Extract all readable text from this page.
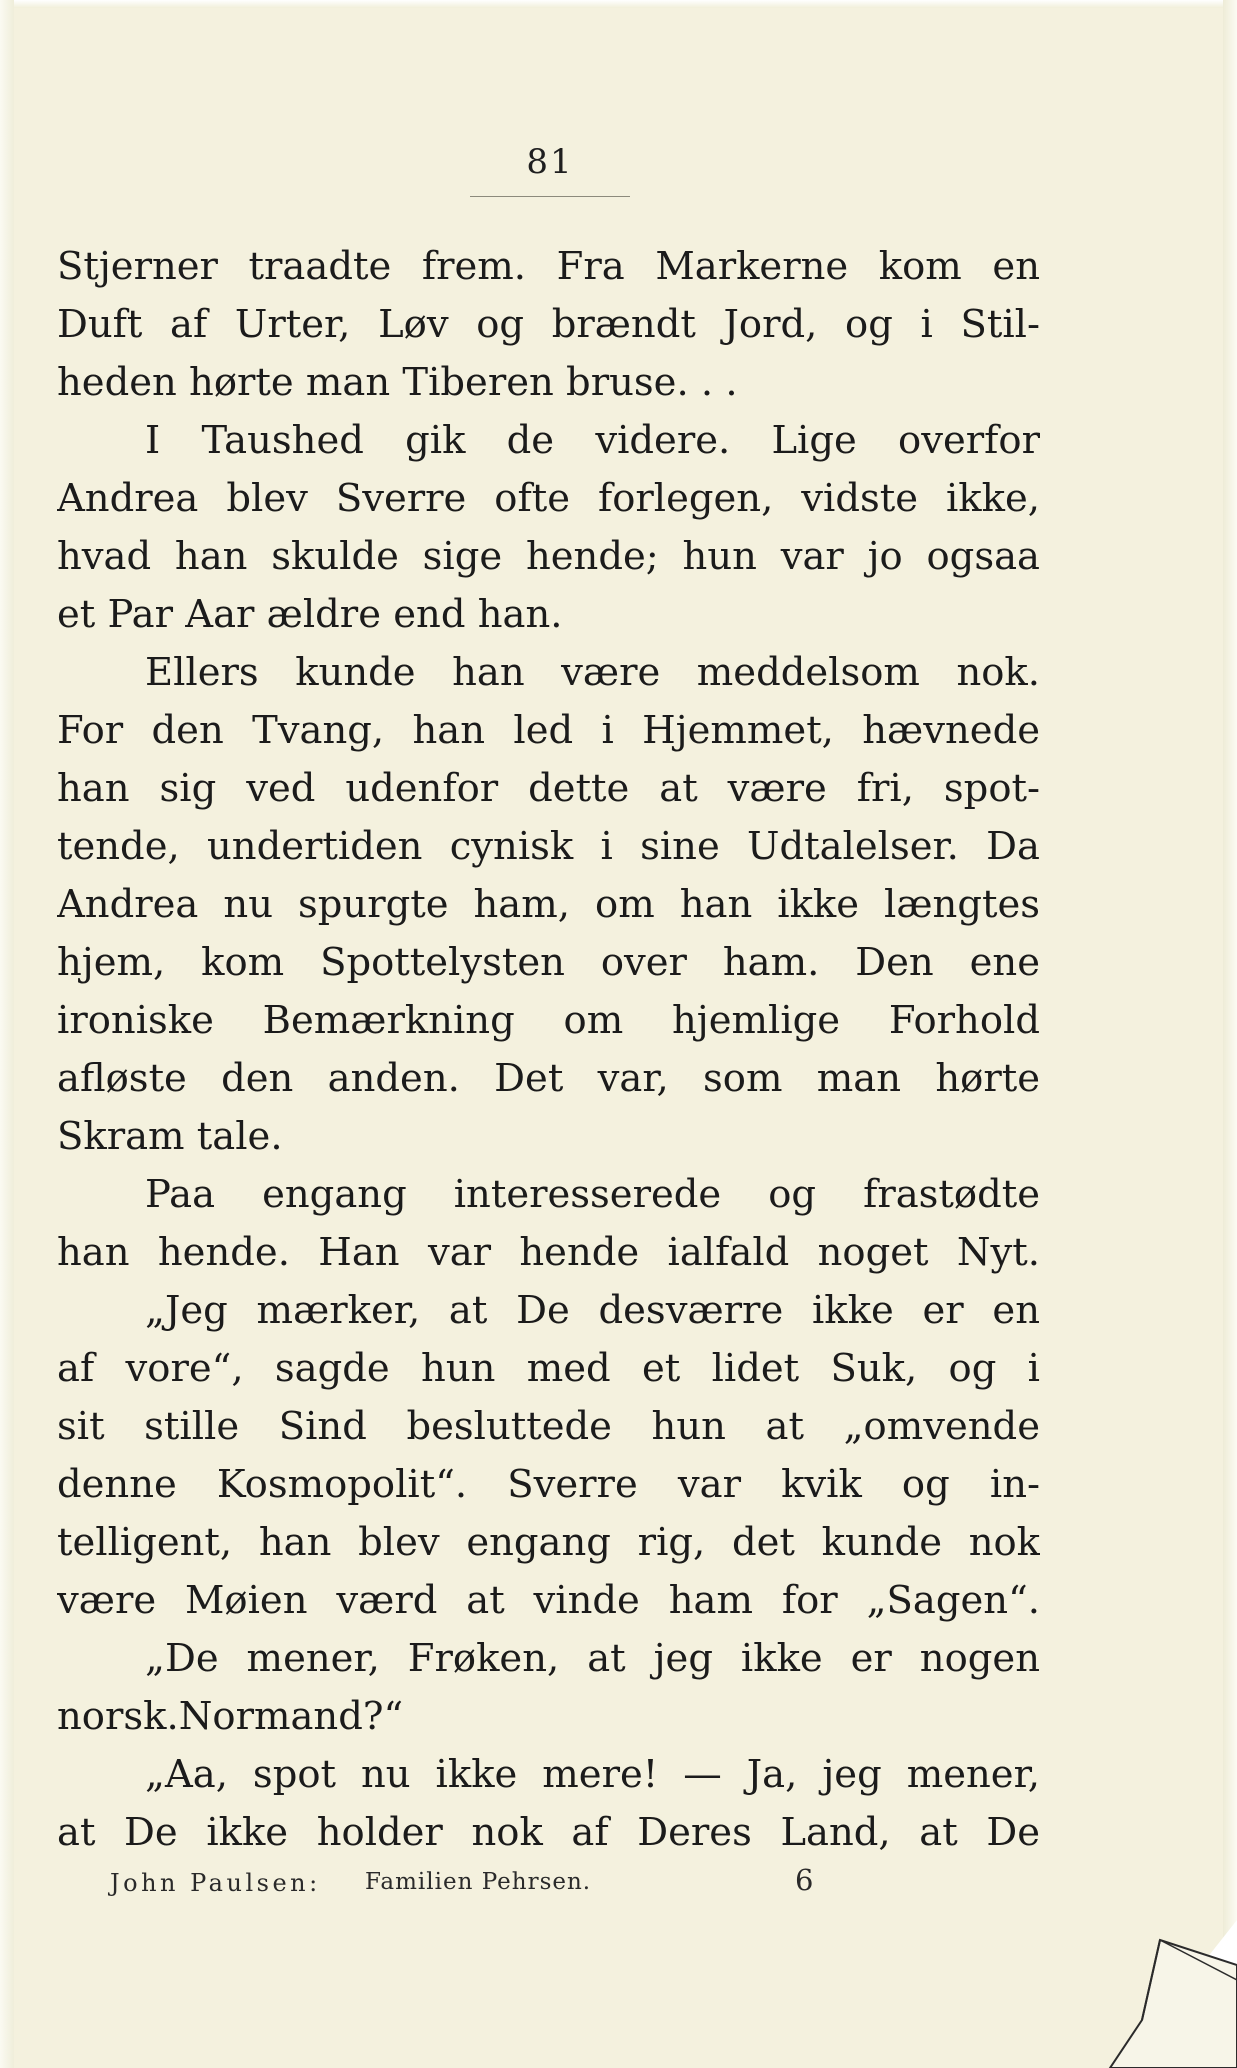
81
Stjerner traadte frem. Fra Markerne kom en
Duft af Urter, Løv og brændt Jord, og i Stil-
heden hørte man Tiberen bruse. . .
I Taushed gik de videre. Lige overfor
Andrea blev Sverre ofte forlegen, vidste ikke,
hvad han skulde sige hende; hun var jo ogsaa
et Par Aar ældre end han.
Ellers kunde han være meddelsom nok.
For den Tvang, han led i Hjemmet, hævnede
han sig ved udenfor dette at være fri, spot-
tende, undertiden cynisk i sine Udtalelser. Da
Andrea nu spurgte ham, om han ikke længtes
hjem, kom Spottelysten over ham. Den ene
ironiske Bemærkning om hjemlige Forhold
afløste den anden. Det var, som man hørte
Skram tale.
Paa engang interesserede og frastødte
han hende. Han var hende ialfald noget Nyt.
„Jeg mærker, at De desværre ikke er en
af vore“, sagde hun med et lidet Suk, og i
sit stille Sind besluttede hun at „omvende
denne Kosmopolit“. Sverre var kvik og in-
telligent, han blev engang rig, det kunde nok
være Møien værd at vinde ham for „Sagen“.
„De mener, Frøken, at jeg ikke er nogen
norsk.Normand?“
„Aa, spot nu ikke mere! — Ja, jeg mener,
at De ikke holder nok af Deres Land, at De
John Paulsen: Familien Pehrsen.	6
